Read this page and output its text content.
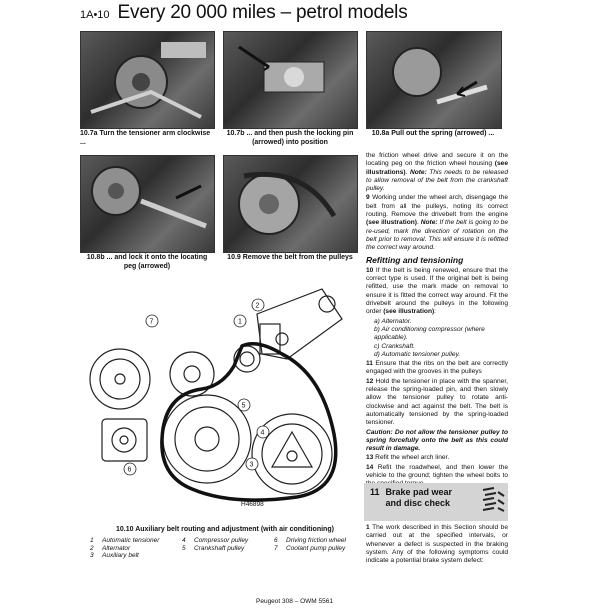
1A•10 Every 20 000 miles – petrol models
10.7a Turn the tensioner arm clockwise ...
10.7b ... and then push the locking pin (arrowed) into position
10.8a Pull out the spring (arrowed) ...
10.8b ... and lock it onto the locating peg (arrowed)
10.9 Remove the belt from the pulleys

the friction wheel drive and secure it on the locating peg on the friction wheel housing (see illustrations). Note: This needs to be released to allow removal of the belt from the crankshaft pulley.

9 Working under the wheel arch, disengage the belt from all the pulleys, noting its correct routing. Remove the drivebelt from the engine (see illustration). Note: If the belt is going to be re-used, mark the direction of rotation on the belt prior to removal. This will ensure it is refitted the correct way around.

Refitting and tensioning

10 If the belt is being renewed, ensure that the correct type is used. If the original belt is being refitted, use the mark made on removal to ensure it is fitted the correct way around. Fit the drivebelt around the pulleys in the following order (see illustration):

a) Alternator.
b) Air conditioning compressor (where applicable).
c) Crankshaft.
d) Automatic tensioner pulley.

11 Ensure that the ribs on the belt are correctly engaged with the grooves in the pulleys

12 Hold the tensioner in place with the spanner, release the spring-loaded pin, and then slowly allow the tensioner pulley to rotate anti-clockwise and act against the belt. The belt is automatically tensioned by the spring-loaded tensioner.

Caution: Do not allow the tensioner pulley to spring forcefully onto the belt as this could result in damage.

13 Refit the wheel arch liner.

14 Refit the roadwheel, and then lower the vehicle to the ground; tighten the wheel bolts to

11 Brake pad wear
and disc check

1 The work described in this Section should be carried out at the specified intervals, or whenever a defect is suspected in the braking system. Any of the following symptoms could indicate a potential brake system defect:

7
2
1
5
4
6
3
H46898
10.10 Auxiliary belt routing and adjustment (with air conditioning)
1	Automatic tensioner
2	Alternator
3	Auxiliary belt
4	Compressor pulley
5	Crankshaft pulley
6	Driving friction wheel
7	Coolant pump pulley
Peugeot 308 – OWM 5561
